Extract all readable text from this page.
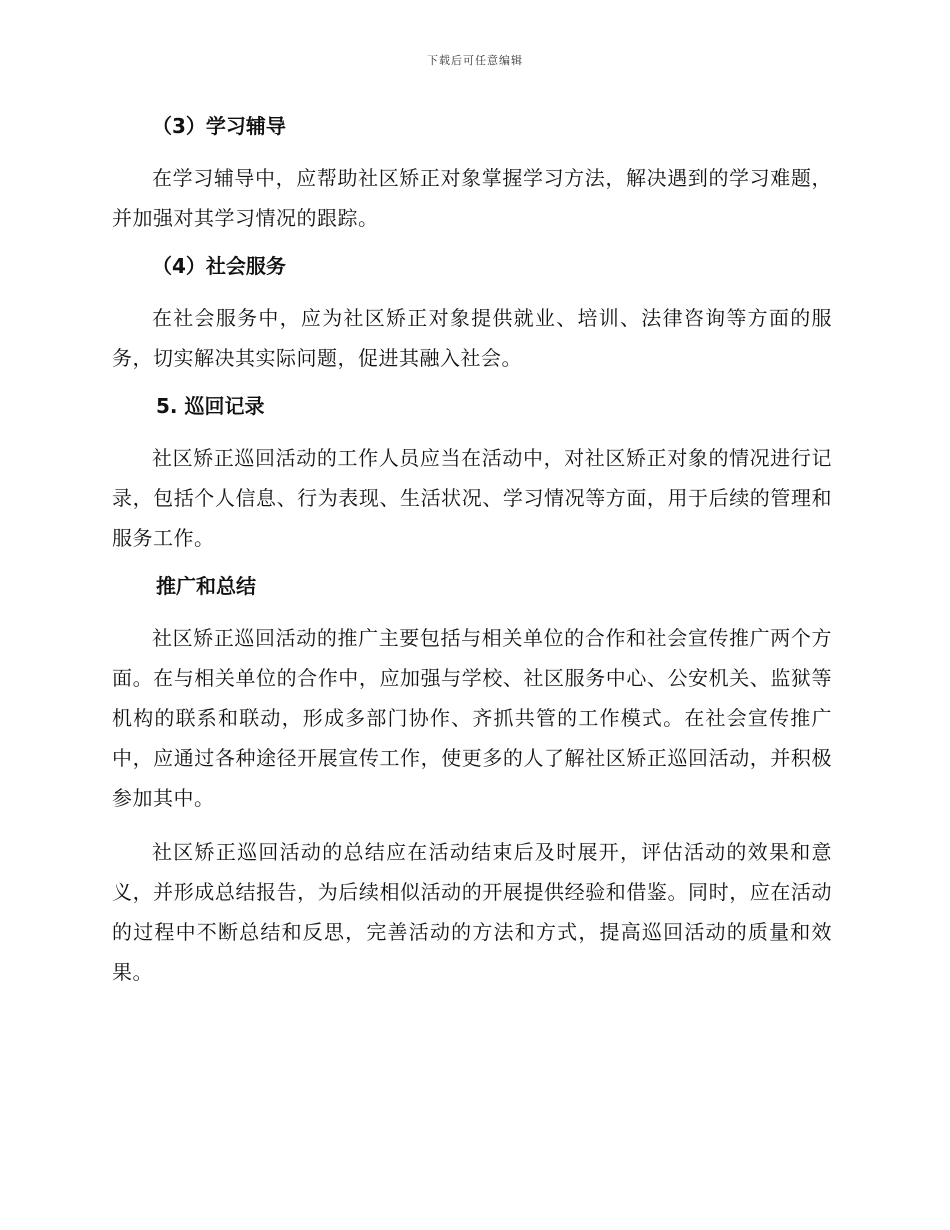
下载后可任意编辑
（3）学习辅导

在学习辅导中，应帮助社区矫正对象掌握学习方法，解决遇到的学习难题，并加强对其学习情况的跟踪。

（4）社会服务

在社会服务中，应为社区矫正对象提供就业、培训、法律咨询等方面的服务，切实解决其实际问题，促进其融入社会。

5. 巡回记录

社区矫正巡回活动的工作人员应当在活动中，对社区矫正对象的情况进行记录，包括个人信息、行为表现、生活状况、学习情况等方面，用于后续的管理和服务工作。

推广和总结

社区矫正巡回活动的推广主要包括与相关单位的合作和社会宣传推广两个方面。在与相关单位的合作中，应加强与学校、社区服务中心、公安机关、监狱等机构的联系和联动，形成多部门协作、齐抓共管的工作模式。在社会宣传推广中，应通过各种途径开展宣传工作，使更多的人了解社区矫正巡回活动，并积极参加其中。

社区矫正巡回活动的总结应在活动结束后及时展开，评估活动的效果和意义，并形成总结报告，为后续相似活动的开展提供经验和借鉴。同时，应在活动的过程中不断总结和反思，完善活动的方法和方式，提高巡回活动的质量和效果。
